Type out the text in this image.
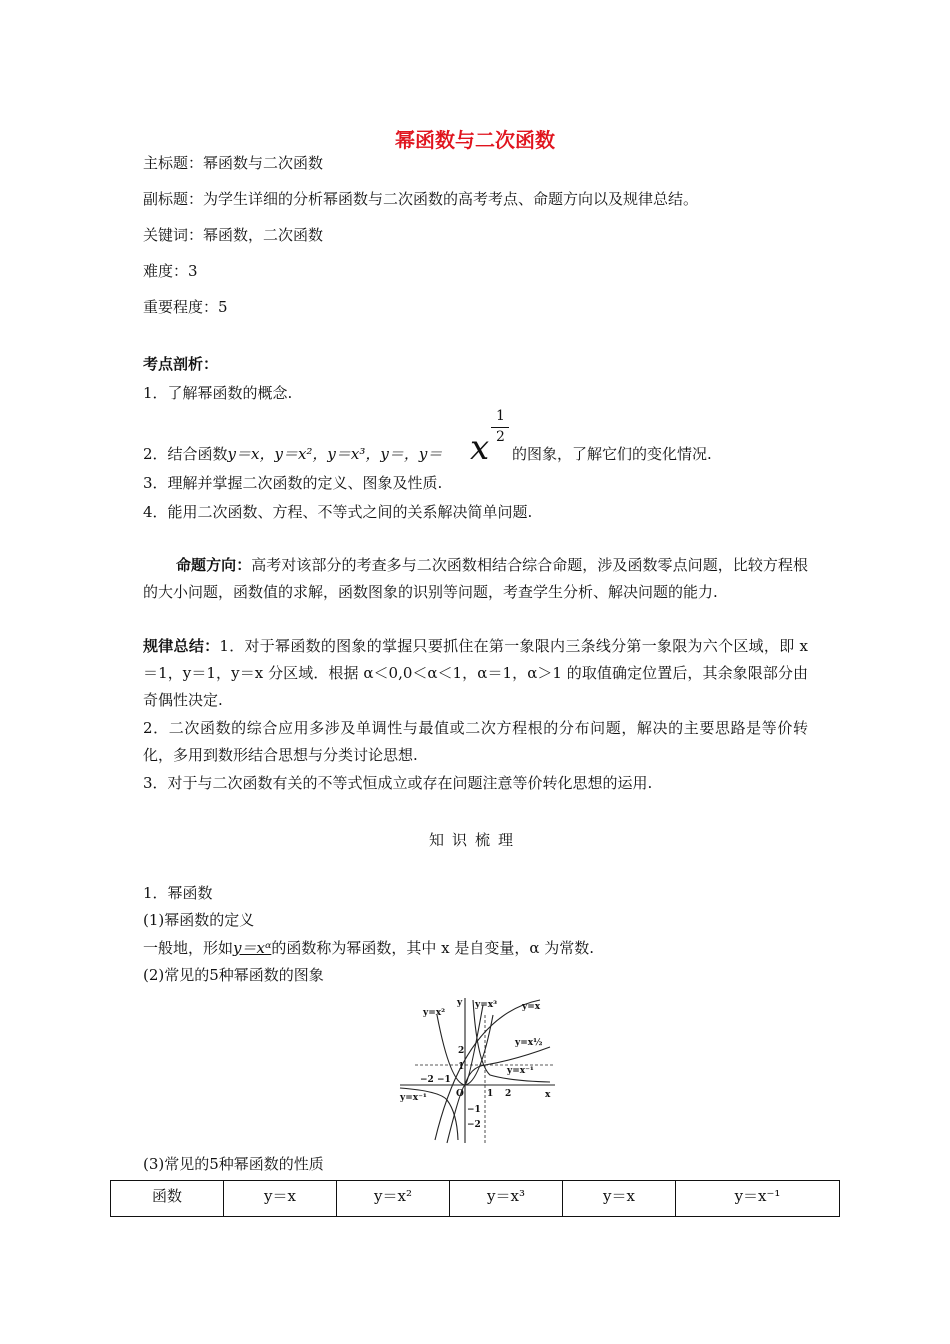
幂函数与二次函数
主标题：幂函数与二次函数
副标题：为学生详细的分析幂函数与二次函数的高考考点、命题方向以及规律总结。
关键词：幂函数，二次函数
难度：3
重要程度：5
考点剖析：
1．了解幂函数的概念.
2．结合函数y＝x，y＝x²，y＝x³，y＝，y＝ x
1
2
的图象，了解它们的变化情况.
3．理解并掌握二次函数的定义、图象及性质.
4．能用二次函数、方程、不等式之间的关系解决简单问题.
命题方向：高考对该部分的考查多与二次函数相结合综合命题，涉及函数零点问题，比较方程根的大小问题，函数值的求解，函数图象的识别等问题，考查学生分析、解决问题的能力.
规律总结：1．对于幂函数的图象的掌握只要抓住在第一象限内三条线分第一象限为六个区域，即 x＝1，y＝1，y＝x 分区域．根据 α＜0,0＜α＜1，α＝1，α＞1 的取值确定位置后，其余象限部分由奇偶性决定.
2．二次函数的综合应用多涉及单调性与最值或二次方程根的分布问题，解决的主要思路是等价转化，多用到数形结合思想与分类讨论思想.
3．对于与二次函数有关的不等式恒成立或存在问题注意等价转化思想的运用.
知识梳理
1．幂函数
(1)幂函数的定义
一般地，形如y＝xᵅ的函数称为幂函数，其中 x 是自变量，α 为常数.
(2)常见的5种幂函数的图象
y=x²
y=x³	y=x
y=x½
y=x⁻¹
y=x⁻¹
y
x
O
2
1
−1
−2
−2 −1
1 2
(3)常见的5种幂函数的性质
函数	y＝x	y＝x²	y＝x³	y＝x	y＝x⁻¹
